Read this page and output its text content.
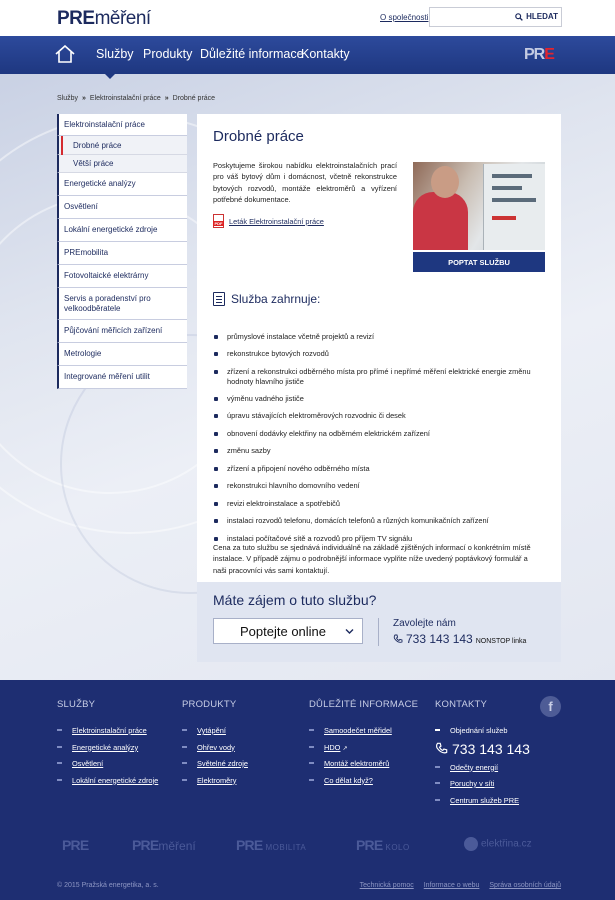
PREměření	O společnosti	HLEDAT
Služby Produkty Důležité informace
Kontakty	PRE
Služby » Elektroinstalační práce » Drobné práce
Elektroinstalační práce
Drobné práce
Větší práce
Energetické analýzy
Osvětlení
Lokální energetické zdroje
PREmobilita
Fotovoltaické elektrárny
Servis a poradenství pro velkoodběratele
Půjčování měřicích zařízení
Metrologie
Integrované měření utilit
Drobné práce

Poskytujeme širokou nabídku elektroinstalačních prací pro váš bytový dům i domácnost, včetně rekonstrukce bytových rozvodů, montáže elektroměrů a vyřízení potřebné dokumentace.

PDF
Leták Elektroinstalační práce
POPTAT SLUŽBU
Služba zahrnuje:
průmyslové instalace včetně projektů a revizí
rekonstrukce bytových rozvodů
zřízení a rekonstrukci odběrného místa pro přímé i nepřímé měření elektrické energie změnu hodnoty hlavního jističe
výměnu vadného jističe
úpravu stávajících elektroměrových rozvodnic či desek
obnovení dodávky elektřiny na odběrném elektrickém zařízení
změnu sazby
zřízení a připojení nového odběrného místa
rekonstrukci hlavního domovního vedení
revizi elektroinstalace a spotřebičů
instalaci rozvodů telefonu, domácích telefonů a různých komunikačních zařízení
instalaci počítačové sítě a rozvodů pro příjem TV signálu

Cena za tuto službu se sjednává individuálně na základě zjištěných informací o konkrétním místě instalace. V případě zájmu o podrobnější informace vyplňte níže uvedený poptávkový formulář a naši pracovníci vás sami kontaktují.

Máte zájem o tuto službu?
Poptejte online	Zavolejte nám
733 143 143 NONSTOP linka
SLUŽBY
Elektroinstalační práce
Energetické analýzy
Osvětlení
Lokální energetické zdroje
PRODUKTY
Vytápění
Ohřev vody
Světelné zdroje
Elektroměry
DŮLEŽITÉ INFORMACE
Samoodečet měřidel
HDO ↗
Montáž elektroměrů
Co dělat když?
KONTAKTY
Objednání služeb
733 143 143
Odečty energií
Poruchy v síti
Centrum služeb PRE
f
PRE	PREměření	PRE MOBILITA	PRE KOLO	elektřina.cz
© 2015 Pražská energetika, a. s.	Technická pomoc Informace o webu Správa osobních údajů
